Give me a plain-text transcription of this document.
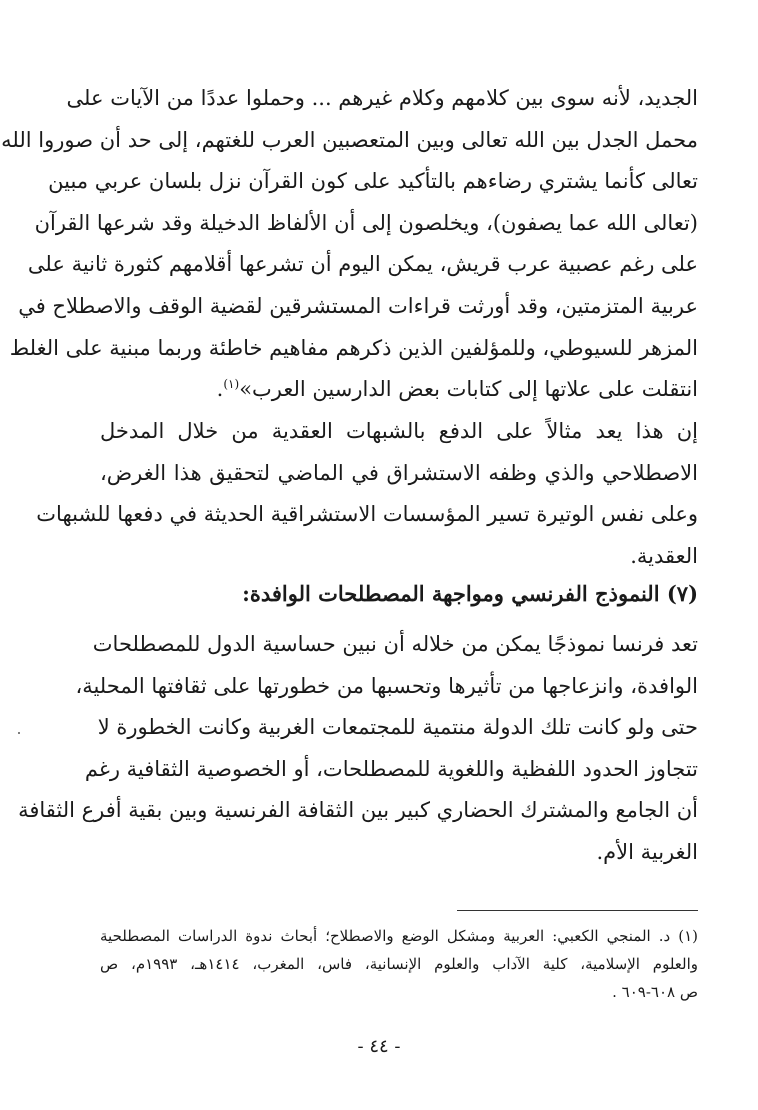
الجديد، لأنه سوى بين كلامهم وكلام غيرهم ... وحملوا عددًا من الآيات على
محمل الجدل بين الله تعالى وبين المتعصبين العرب للغتهم، إلى حد أن صوروا الله
تعالى كأنما يشتري رضاءهم بالتأكيد على كون القرآن نزل بلسان عربي مبين
(تعالى الله عما يصفون)، ويخلصون إلى أن الألفاظ الدخيلة وقد شرعها القرآن
على رغم عصبية عرب قريش، يمكن اليوم أن تشرعها أقلامهم كثورة ثانية على
عربية المتزمتين، وقد أورثت قراءات المستشرقين لقضية الوقف والاصطلاح في
المزهر للسيوطي، وللمؤلفين الذين ذكرهم مفاهيم خاطئة وربما مبنية على الغلط
انتقلت على علاتها إلى كتابات بعض الدارسين العرب»$^{(١)}$.
إن هذا يعد مثالاً على الدفع بالشبهات العقدية من خلال المدخل
الاصطلاحي والذي وظفه الاستشراق في الماضي لتحقيق هذا الغرض،
وعلى نفس الوتيرة تسير المؤسسات الاستشراقية الحديثة في دفعها للشبهات
العقدية.
(٧) النموذج الفرنسي ومواجهة المصطلحات الوافدة:
تعد فرنسا نموذجًا يمكن من خلاله أن نبين حساسية الدول للمصطلحات
الوافدة، وانزعاجها من تأثيرها وتحسبها من خطورتها على ثقافتها المحلية،
حتى ولو كانت تلك الدولة منتمية للمجتمعات الغربية وكانت الخطورة لا
تتجاوز الحدود اللفظية واللغوية للمصطلحات، أو الخصوصية الثقافية رغم
أن الجامع والمشترك الحضاري كبير بين الثقافة الفرنسية وبين بقية أفرع الثقافة
الغربية الأم.
(١) د. المنجي الكعبي: العربية ومشكل الوضع والاصطلاح؛ أبحاث ندوة الدراسات المصطلحية
والعلوم الإسلامية، كلية الآداب والعلوم الإنسانية، فاس، المغرب، ١٤١٤هـ، ١٩٩٣م، ص
ص ٦٠٨-٦٠٩ .
- ٤٤ -
